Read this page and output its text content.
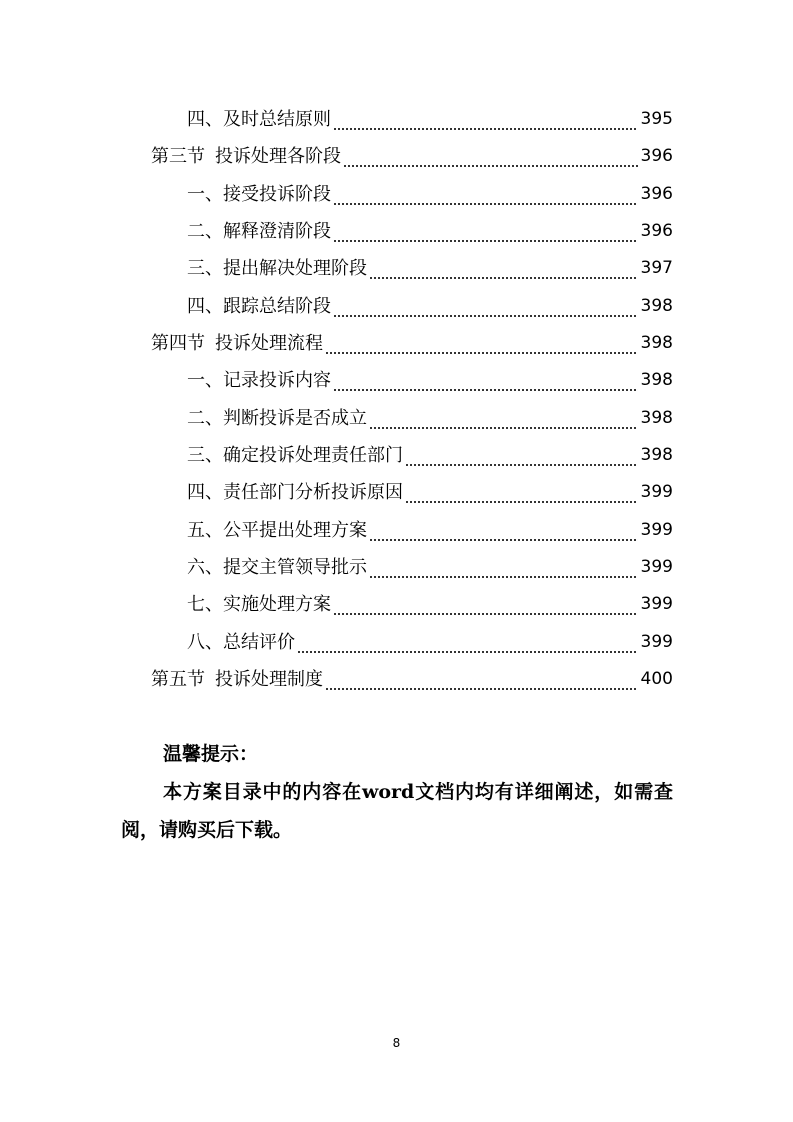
四、及时总结原则	395
第三节 投诉处理各阶段	396
一、接受投诉阶段	396
二、解释澄清阶段	396
三、提出解决处理阶段	397
四、跟踪总结阶段	398
第四节 投诉处理流程	398
一、记录投诉内容	398
二、判断投诉是否成立	398
三、确定投诉处理责任部门	398
四、责任部门分析投诉原因	399
五、公平提出处理方案	399
六、提交主管领导批示	399
七、实施处理方案	399
八、总结评价	399
第五节 投诉处理制度	400
温馨提示：
本方案目录中的内容在word文档内均有详细阐述，如需查阅，请购买后下载。
8
